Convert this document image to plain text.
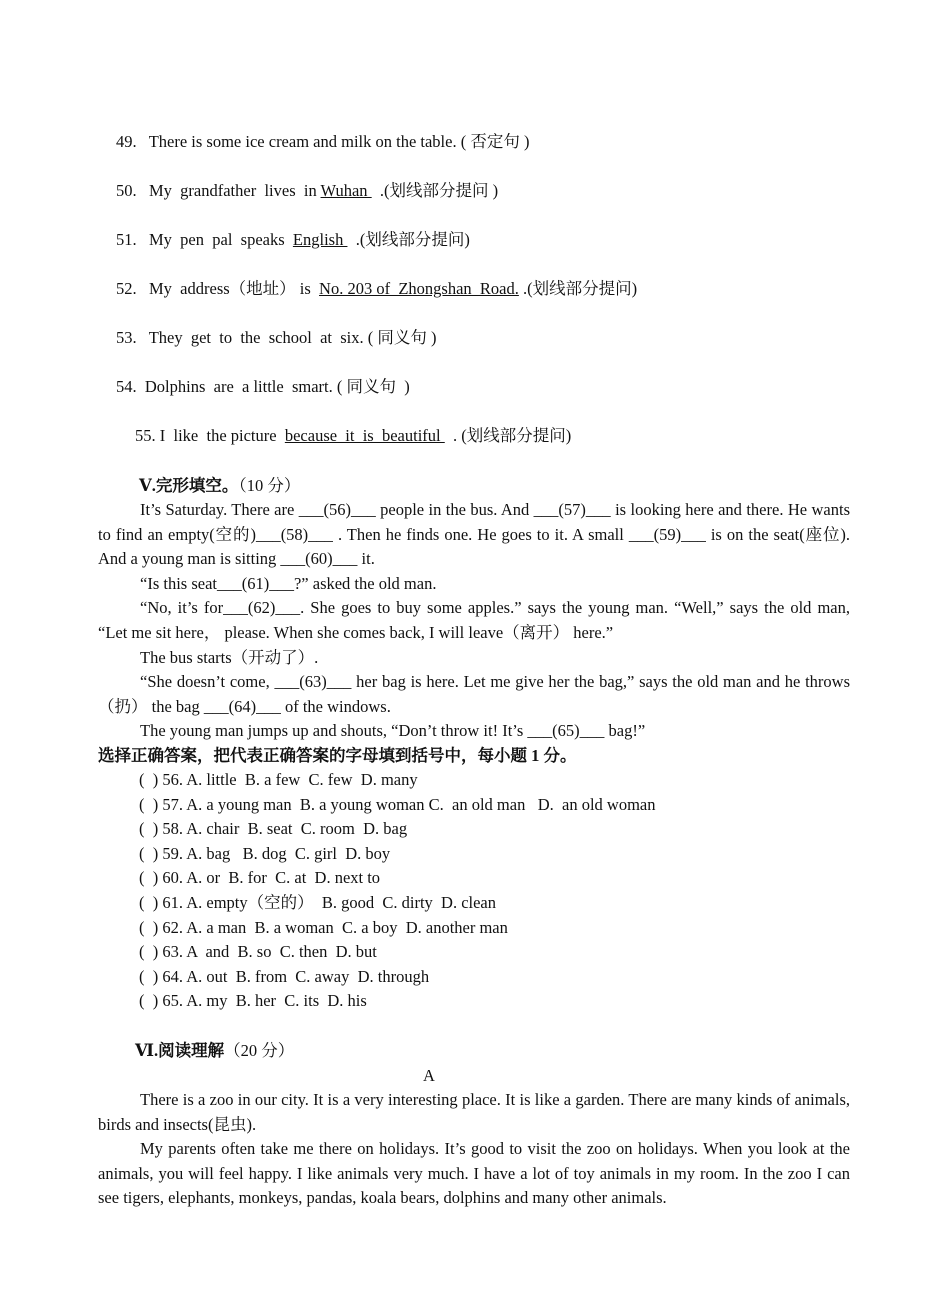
49. There is some ice cream and milk on the table. ( 否定句 )
50. My  grandfather  lives  in Wuhan   .(划线部分提问 )
51. My  pen  pal  speaks  English   .(划线部分提问)
52. My  address（地址） is  No. 203 of  Zhongshan  Road. .(划线部分提问)
53. They  get  to  the  school  at  six. ( 同义句 )
54. Dolphins  are  a little  smart. ( 同义句  )
55. I  like  the picture  because  it  is  beautiful   . (划线部分提问)
Ⅴ.完形填空。（10 分）

It’s Saturday. There are ___(56)___ people in the bus. And ___(57)___ is looking here and there. He wants to find an empty(空的)___(58)___ . Then he finds one. He goes to it. A small ___(59)___ is on the seat(座位). And a young man is sitting ___(60)___ it.

“Is this seat___(61)___?” asked the old man.

“No, it’s for___(62)___. She goes to buy some apples.” says the young man. “Well,” says the old man, “Let me sit here， please. When she comes back, I will leave（离开） here.”

The bus starts（开动了）.

“She doesn’t come, ___(63)___ her bag is here. Let me give her the bag,” says the old man and he throws（扔） the bag ___(64)___ of the windows.

The young man jumps up and shouts, “Don’t throw it! It’s ___(65)___ bag!”

选择正确答案，把代表正确答案的字母填到括号中，每小题 1 分。
(  ) 56. A. little  B. a few  C. few  D. many
(  ) 57. A. a young man  B. a young woman C.  an old man   D.  an old woman
(  ) 58. A. chair  B. seat  C. room  D. bag
(  ) 59. A. bag   B. dog  C. girl  D. boy
(  ) 60. A. or  B. for  C. at  D. next to
(  ) 61. A. empty（空的）  B. good  C. dirty  D. clean
(  ) 62. A. a man  B. a woman  C. a boy  D. another man
(  ) 63. A  and  B. so  C. then  D. but
(  ) 64. A. out  B. from  C. away  D. through
(  ) 65. A. my  B. her  C. its  D. his
Ⅵ.阅读理解（20 分）
A

There is a zoo in our city. It is a very interesting place. It is like a garden. There are many kinds of animals, birds and insects(昆虫).

My parents often take me there on holidays. It’s good to visit the zoo on holidays. When you look at the animals, you will feel happy. I like animals very much. I have a lot of toy animals in my room. In the zoo I can see tigers, elephants, monkeys, pandas, koala bears, dolphins and many other animals.
